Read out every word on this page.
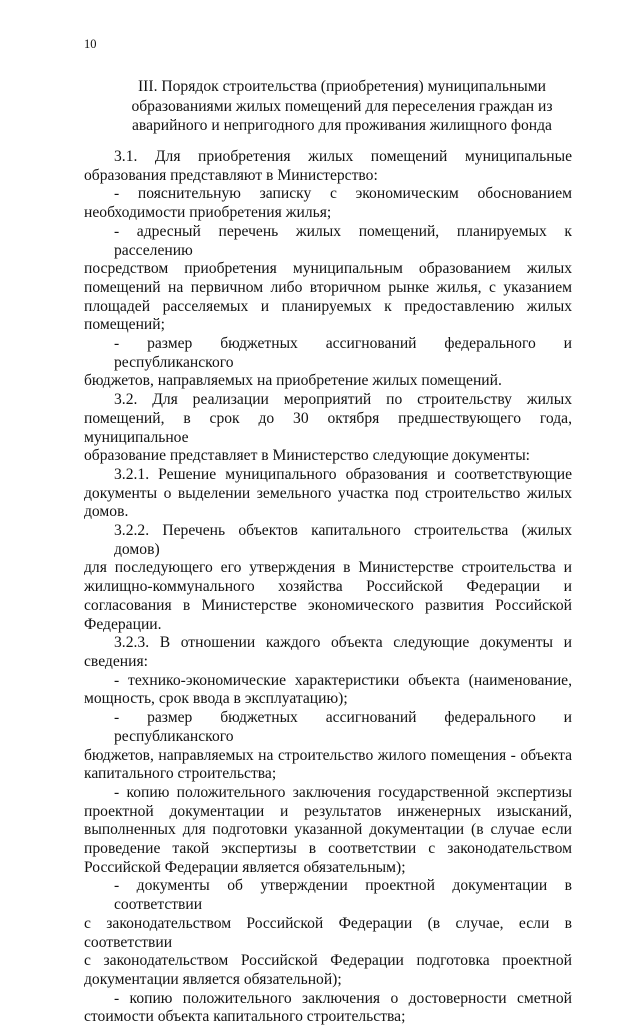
10
III. Порядок строительства (приобретения) муниципальными
образованиями жилых помещений для переселения граждан из
аварийного и непригодного для проживания жилищного фонда
3.1. Для приобретения жилых помещений муниципальные
образования представляют в Министерство:
- пояснительную записку с экономическим обоснованием
необходимости приобретения жилья;
- адресный перечень жилых помещений, планируемых к расселению
посредством приобретения муниципальным образованием жилых
помещений на первичном либо вторичном рынке жилья, с указанием
площадей расселяемых и планируемых к предоставлению жилых
помещений;
- размер бюджетных ассигнований федерального и республиканского
бюджетов, направляемых на приобретение жилых помещений.
3.2. Для реализации мероприятий по строительству жилых
помещений, в срок до 30 октября предшествующего года, муниципальное
образование представляет в Министерство следующие документы:
3.2.1. Решение муниципального образования и соответствующие
документы о выделении земельного участка под строительство жилых
домов.
3.2.2. Перечень объектов капитального строительства (жилых домов)
для последующего его утверждения в Министерстве строительства и
жилищно-коммунального хозяйства Российской Федерации и
согласования в Министерстве экономического развития Российской
Федерации.
3.2.3. В отношении каждого объекта следующие документы и
сведения:
- технико-экономические характеристики объекта (наименование,
мощность, срок ввода в эксплуатацию);
- размер бюджетных ассигнований федерального и республиканского
бюджетов, направляемых на строительство жилого помещения - объекта
капитального строительства;
- копию положительного заключения государственной экспертизы
проектной документации и результатов инженерных изысканий,
выполненных для подготовки указанной документации (в случае если
проведение такой экспертизы в соответствии с законодательством
Российской Федерации является обязательным);
- документы об утверждении проектной документации в соответствии
с законодательством Российской Федерации (в случае, если в соответствии
с законодательством Российской Федерации подготовка проектной
документации является обязательной);
- копию положительного заключения о достоверности сметной
стоимости объекта капитального строительства;
